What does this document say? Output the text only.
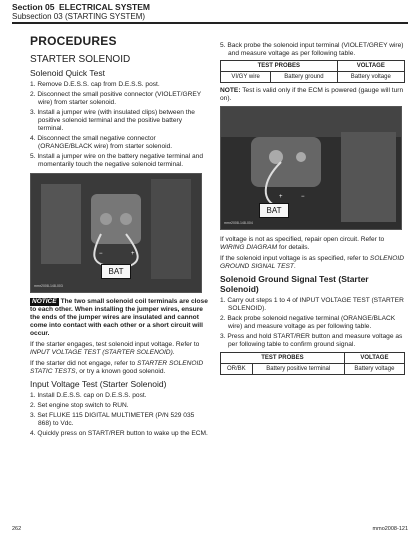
Section 05 ELECTRICAL SYSTEM
Subsection 03 (STARTING SYSTEM)
PROCEDURES
STARTER SOLENOID
Solenoid Quick Test
1. Remove D.E.S.S. cap from D.E.S.S. post.
2. Disconnect the small positive connector (VIOLET/GREY wire) from starter solenoid.
3. Install a jumper wire (with insulated clips) between the positive solenoid terminal and the positive battery terminal.
4. Disconnect the small negative connector (ORANGE/BLACK wire) from starter solenoid.
5. Install a jumper wire on the battery negative terminal and momentarily touch the negative solenoid terminal.
−	+
BAT
mmr2008-148-003

NOTICE The two small solenoid coil terminals are close to each other. When installing the jumper wires, ensure the ends of the jumper wires are insulated and cannot come into contact with each other or a short circuit will occur.

If the starter engages, test solenoid input voltage. Refer to INPUT VOLTAGE TEST (STARTER SOLENOID).

If the starter did not engage, refer to STARTER SOLENOID STATIC TESTS, or try a known good solenoid.

Input Voltage Test (Starter Solenoid)
1. Install D.E.S.S. cap on D.E.S.S. post.
2. Set engine stop switch to RUN.
3. Set FLUKE 115 DIGITAL MULTIMETER (P/N 529 035 868) to Vdc.
4. Quickly press on START/RER button to wake up the ECM.
5. Back probe the solenoid input terminal (VIOLET/GREY wire) and measure voltage as per following table.
TEST PROBES		VOLTAGE
VI/GY wire	Battery ground	Battery voltage

NOTE: Test is valid only if the ECM is powered (gauge will turn on).

+	−
BAT
mmr2008-148-004

If voltage is not as specified, repair open circuit. Refer to WIRING DIAGRAM for details.

If the solenoid input voltage is as specified, refer to SOLENOID GROUND SIGNAL TEST.

Solenoid Ground Signal Test (Starter Solenoid)
1. Carry out steps 1 to 4 of INPUT VOLTAGE TEST (STARTER SOLENOID).
2. Back probe solenoid negative terminal (ORANGE/BLACK wire) and measure voltage as per following table.
3. Press and hold START/RER button and measure voltage as per following table to confirm ground signal.
TEST PROBES		VOLTAGE
OR/BK	Battery positive terminal	Battery voltage
262	mmo2008-121
